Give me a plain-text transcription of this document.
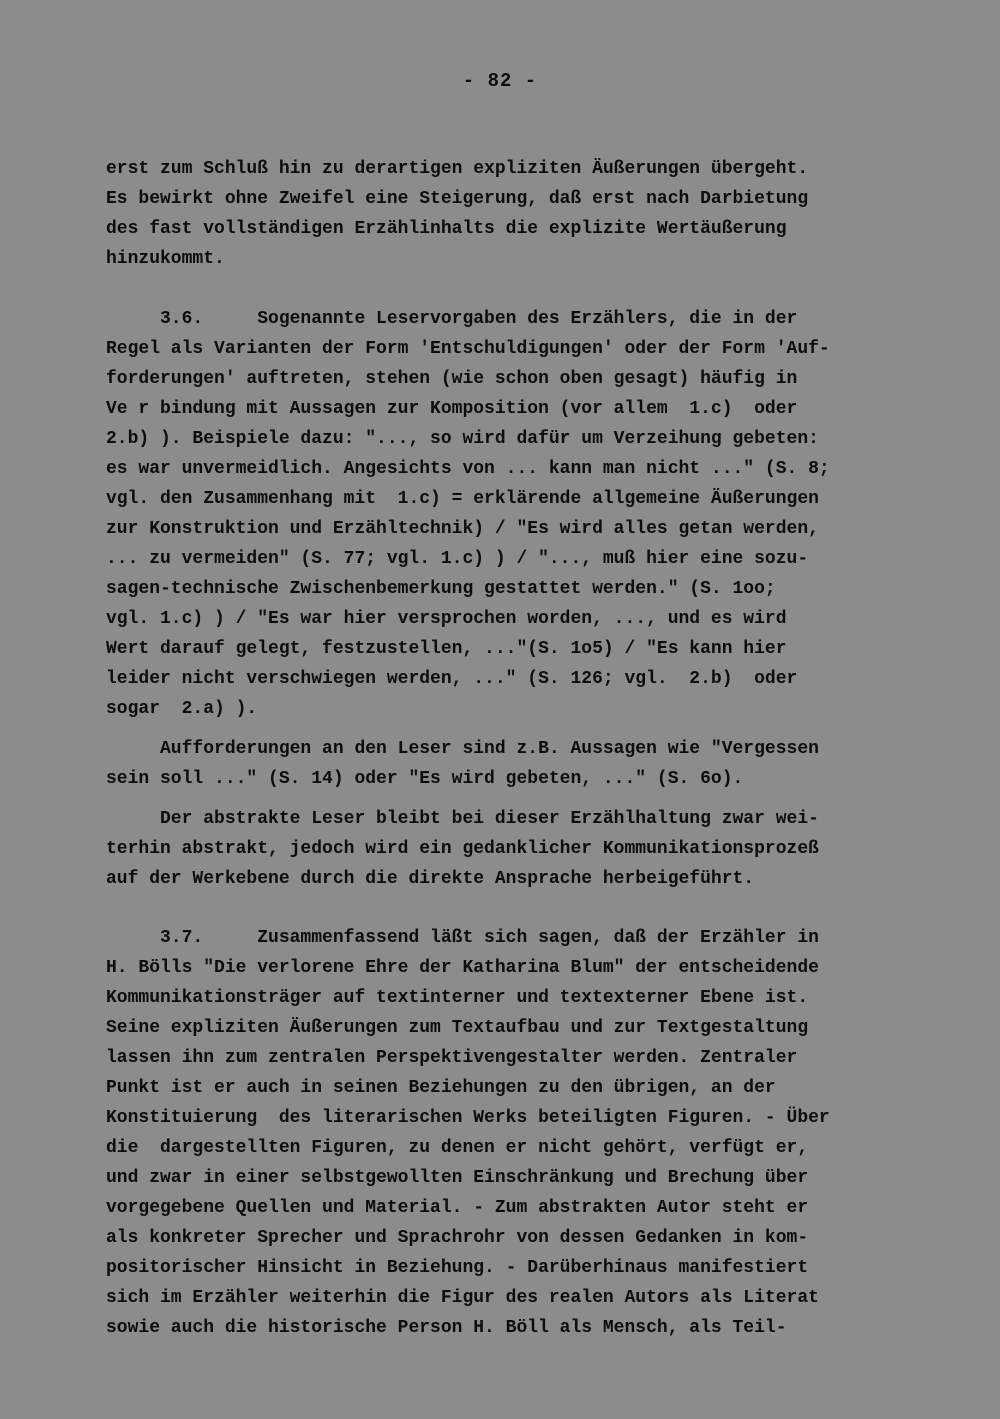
- 82 -
erst zum Schluß hin zu derartigen expliziten Äußerungen übergeht.
Es bewirkt ohne Zweifel eine Steigerung, daß erst nach Darbietung
des fast vollständigen Erzählinhalts die explizite Wertäußerung
hinzukommt.
3.6.     Sogenannte Leservorgaben des Erzählers, die in der
Regel als Varianten der Form 'Entschuldigungen' oder der Form 'Auf-
forderungen' auftreten, stehen (wie schon oben gesagt) häufig in
Ve r bindung mit Aussagen zur Komposition (vor allem  1.c)  oder
2.b) ). Beispiele dazu: "..., so wird dafür um Verzeihung gebeten:
es war unvermeidlich. Angesichts von ... kann man nicht ..." (S. 8;
vgl. den Zusammenhang mit  1.c) = erklärende allgemeine Äußerungen
zur Konstruktion und Erzähltechnik) / "Es wird alles getan werden,
... zu vermeiden" (S. 77; vgl. 1.c) ) / "..., muß hier eine sozu-
sagen-technische Zwischenbemerkung gestattet werden." (S. 1oo;
vgl. 1.c) ) / "Es war hier versprochen worden, ..., und es wird
Wert darauf gelegt, festzustellen, ..."(S. 1o5) / "Es kann hier
leider nicht verschwiegen werden, ..." (S. 126; vgl.  2.b)  oder
sogar  2.a) ).
Aufforderungen an den Leser sind z.B. Aussagen wie "Vergessen
sein soll ..." (S. 14) oder "Es wird gebeten, ..." (S. 6o).
Der abstrakte Leser bleibt bei dieser Erzählhaltung zwar wei-
terhin abstrakt, jedoch wird ein gedanklicher Kommunikationsprozeß
auf der Werkebene durch die direkte Ansprache herbeigeführt.
3.7.     Zusammenfassend läßt sich sagen, daß der Erzähler in
H. Bölls "Die verlorene Ehre der Katharina Blum" der entscheidende
Kommunikationsträger auf textinterner und textexterner Ebene ist.
Seine expliziten Äußerungen zum Textaufbau und zur Textgestaltung
lassen ihn zum zentralen Perspektivengestalter werden. Zentraler
Punkt ist er auch in seinen Beziehungen zu den übrigen, an der
Konstituierung  des literarischen Werks beteiligten Figuren. - Über
die  dargestellten Figuren, zu denen er nicht gehört, verfügt er,
und zwar in einer selbstgewollten Einschränkung und Brechung über
vorgegebene Quellen und Material. - Zum abstrakten Autor steht er
als konkreter Sprecher und Sprachrohr von dessen Gedanken in kom-
positorischer Hinsicht in Beziehung. - Darüberhinaus manifestiert
sich im Erzähler weiterhin die Figur des realen Autors als Literat
sowie auch die historische Person H. Böll als Mensch, als Teil-
